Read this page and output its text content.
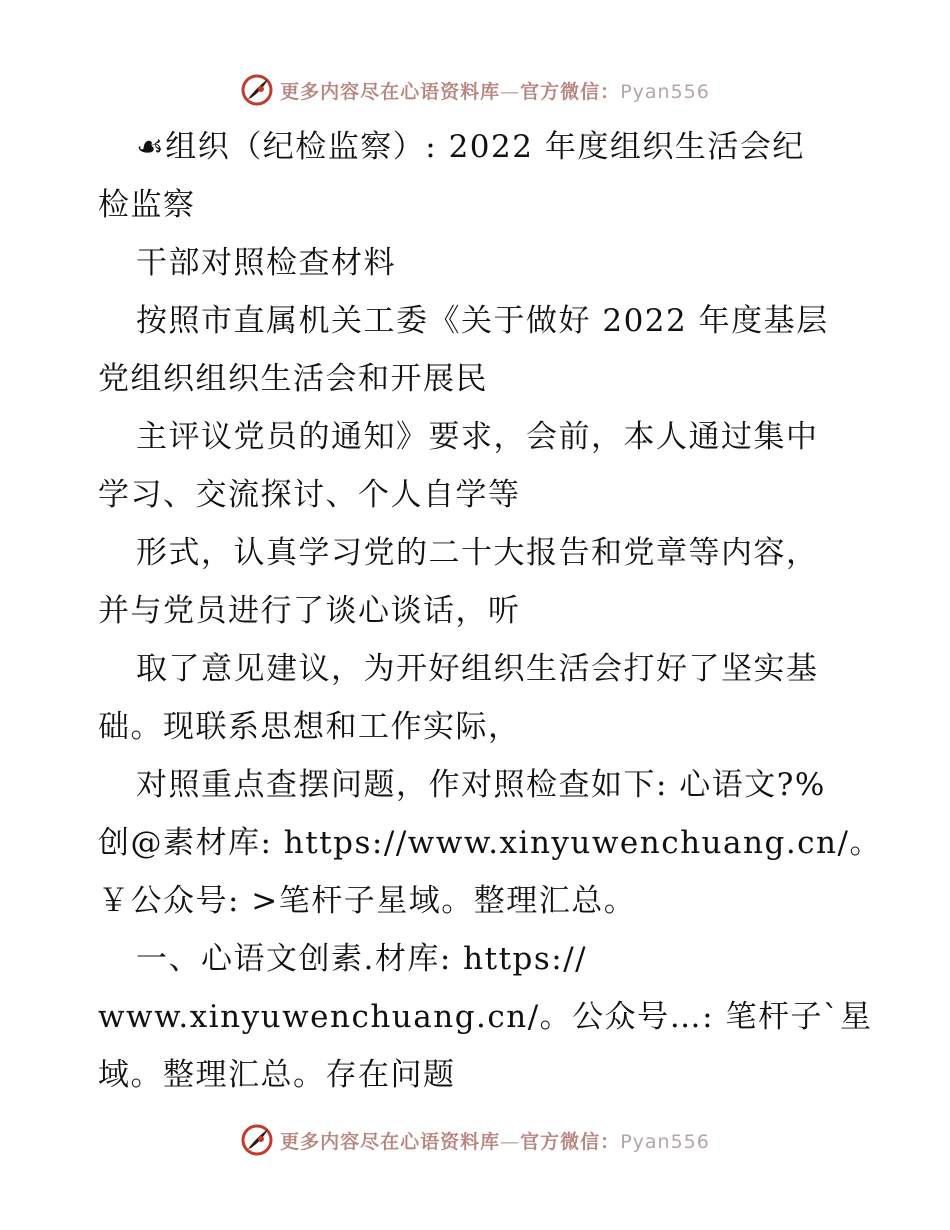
更多内容尽在心语资料库—官方微信：Pyan556
☙组织（纪检监察）: 2022 年度组织生活会纪
检监察
干部对照检查材料
按照市直属机关工委《关于做好 2022 年度基层
党组织组织生活会和开展民
主评议党员的通知》要求，会前，本人通过集中
学习、交流探讨、个人自学等
形式，认真学习党的二十大报告和党章等内容，
并与党员进行了谈心谈话，听
取了意见建议，为开好组织生活会打好了坚实基
础。现联系思想和工作实际，
对照重点查摆问题，作对照检查如下: 心语文?%
创@素材库: https://www.xinyuwenchuang.cn/。
￥公众号: >笔杆子星域。整理汇总。
一、心语文创素.材库: https://
www.xinyuwenchuang.cn/。公众号…: 笔杆子`星
域。整理汇总。存在问题
更多内容尽在心语资料库—官方微信：Pyan556
